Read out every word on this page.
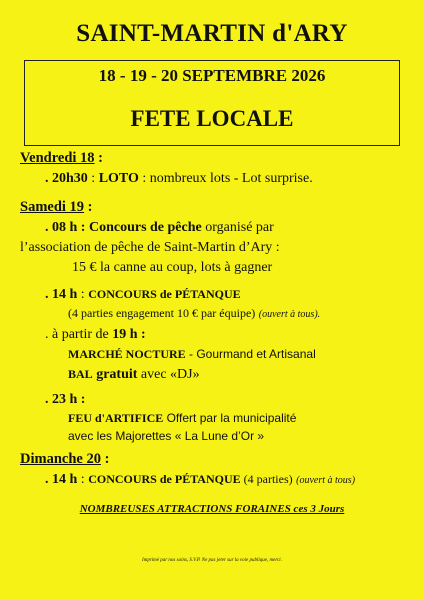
SAINT-MARTIN d'ARY
18 - 19 - 20 SEPTEMBRE 2026
FETE LOCALE
Vendredi 18 :
. 20h30 : LOTO : nombreux lots - Lot surprise.
Samedi 19 :
. 08 h : Concours de pêche organisé par
l’association de pêche de Saint-Martin d’Ary :
15 € la canne au coup, lots à gagner
. 14 h : CONCOURS de PÉTANQUE
(4 parties engagement 10 € par équipe) (ouvert à tous).
. à partir de 19 h :
MARCHÉ NOCTURE - Gourmand et Artisanal
BAL gratuit avec «DJ»
. 23 h :
FEU d'ARTIFICE Offert par la municipalité
avec les Majorettes « La Lune d’Or »
Dimanche 20 :
. 14 h : CONCOURS de PÉTANQUE (4 parties) (ouvert à tous)
NOMBREUSES ATTRACTIONS FORAINES ces 3 Jours
Imprimé par nos soins, S.V.P. Ne pas jeter sur la voie publique, merci.
